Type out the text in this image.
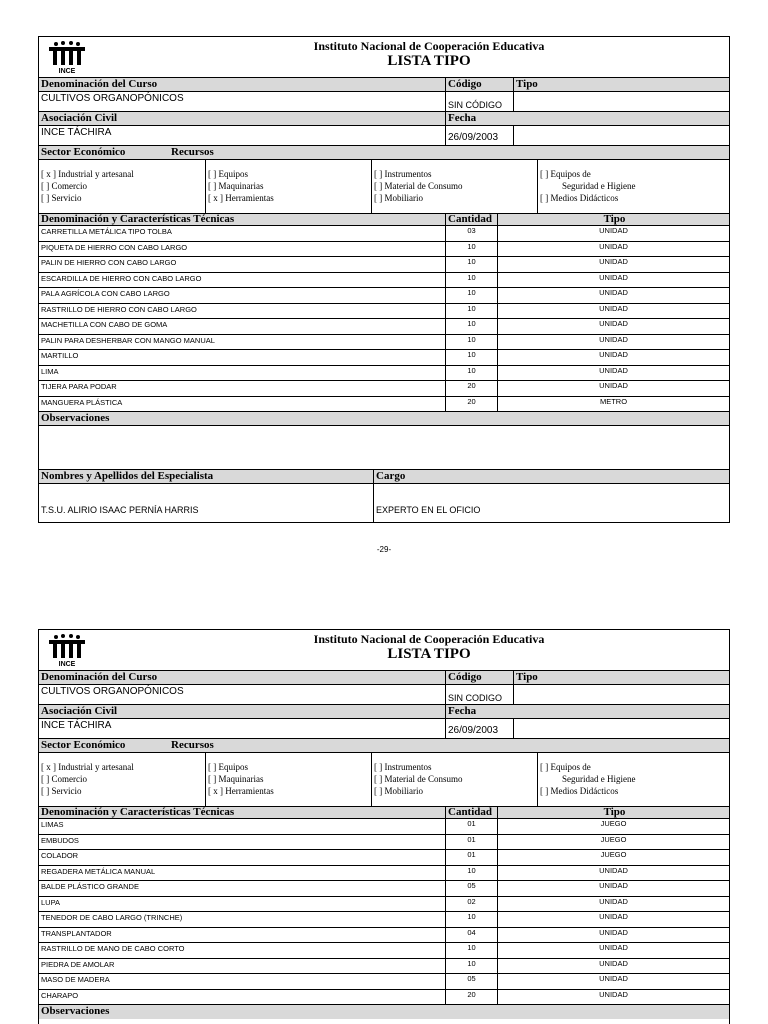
INCE
Instituto Nacional de Cooperación Educativa
LISTA TIPO
Denominación del Curso	Código	Tipo
CULTIVOS ORGANOPÓNICOS
SIN CÓDIGO
Asociación Civil	Fecha
INCE TÁCHIRA	26/09/2003
Sector Económico	Recursos
[ x ] Industrial y artesanal
[ ] Comercio
[ ] Servicio
[ ] Equipos
[ ] Maquinarias
[ x ] Herramientas
[ ] Instrumentos
[ ] Material de Consumo
[ ] Mobiliario
[ ] Equipos de
Seguridad e Higiene
[ ] Medios Didácticos
Denominación y Características Técnicas	Cantidad	Tipo
CARRETILLA METÁLICA TIPO TOLBA	03	UNIDAD
PIQUETA DE HIERRO CON CABO LARGO	10	UNIDAD
PALIN DE HIERRO CON CABO LARGO	10	UNIDAD
ESCARDILLA DE HIERRO CON CABO LARGO	10	UNIDAD
PALA AGRÍCOLA CON CABO LARGO	10	UNIDAD
RASTRILLO DE HIERRO CON CABO LARGO	10	UNIDAD
MACHETILLA CON CABO DE GOMA	10	UNIDAD
PALIN PARA DESHERBAR CON MANGO MANUAL	10	UNIDAD
MARTILLO	10	UNIDAD
LIMA	10	UNIDAD
TIJERA PARA PODAR	20	UNIDAD
MANGUERA PLÁSTICA	20	METRO
Observaciones
Nombres y Apellidos del Especialista	Cargo
T.S.U. ALIRIO ISAAC PERNÍA HARRIS	EXPERTO EN EL OFICIO
-29-
INCE
Instituto Nacional de Cooperación Educativa
LISTA TIPO
Denominación del Curso	Código	Tipo
CULTIVOS ORGANOPÓNICOS
SIN CODIGO
Asociación Civil	Fecha
INCE TÁCHIRA	26/09/2003
Sector Económico	Recursos
[ x ] Industrial y artesanal
[ ] Comercio
[ ] Servicio
[ ] Equipos
[ ] Maquinarias
[ x ] Herramientas
[ ] Instrumentos
[ ] Material de Consumo
[ ] Mobiliario
[ ] Equipos de
Seguridad e Higiene
[ ] Medios Didácticos
Denominación y Características Técnicas	Cantidad	Tipo
LIMAS	01	JUEGO
EMBUDOS	01	JUEGO
COLADOR	01	JUEGO
REGADERA METÁLICA MANUAL	10	UNIDAD
BALDE PLÁSTICO GRANDE	05	UNIDAD
LUPA	02	UNIDAD
TENEDOR DE CABO LARGO (TRINCHE)	10	UNIDAD
TRANSPLANTADOR	04	UNIDAD
RASTRILLO DE MANO DE CABO CORTO	10	UNIDAD
PIEDRA DE AMOLAR	10	UNIDAD
MASO DE MADERA	05	UNIDAD
CHARAPO	20	UNIDAD
Observaciones
